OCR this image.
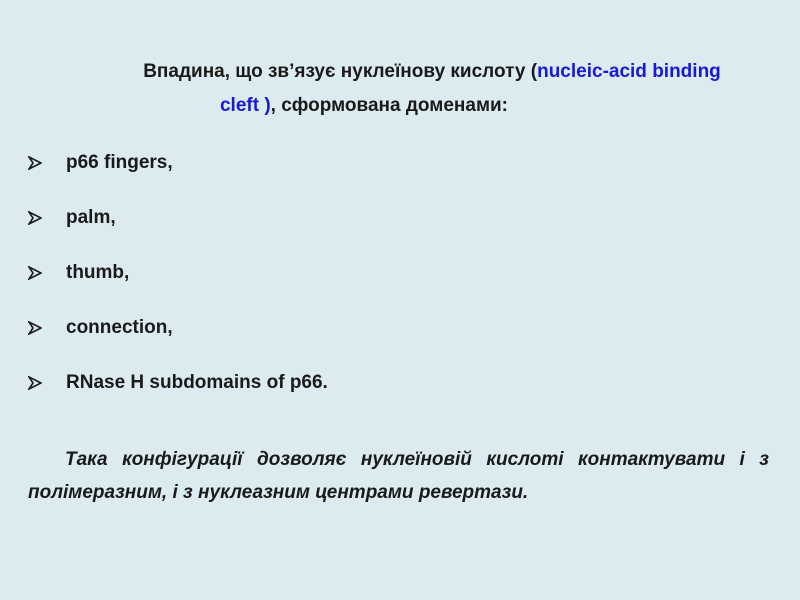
Впадина, що зв’язує нуклеїнову кислоту (nucleic-acid binding
cleft ), сформована доменами:
p66 fingers,
palm,
thumb,
connection,
RNase H subdomains of p66.

Така конфігурації дозволяє нуклеїновій кислоті контактувати і з полімеразним, і з нуклеазним центрами ревертази.
